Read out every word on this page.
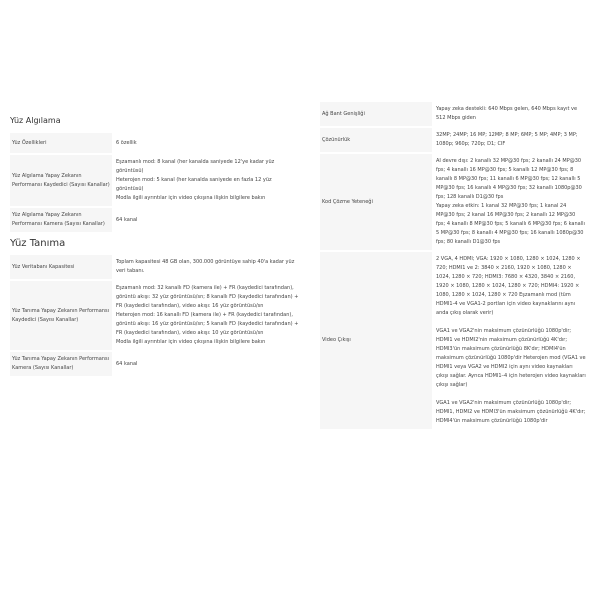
Yüz Algılama
Yüz Özellikleri	6 özellik

Yüz Algılama Yapay Zekanın Performansı Kaydedici (Sayısı Kanallar)

Eşzamanlı mod: 8 kanal (her kanalda saniyede 12'ye kadar yüz görüntüsü)

Heterojen mod: 5 kanal (her kanalda saniyede en fazla 12 yüz görüntüsü)

Modla ilgili ayrıntılar için video çıkışına ilişkin bilgilere bakın

Yüz Algılama Yapay Zekanın Performansı Kamera (Sayısı Kanallar)

64 kanal

Yüz Tanıma
Yüz Veritabanı Kapasitesi

Toplam kapasitesi 48 GB olan, 300.000 görüntüye sahip 40'a kadar yüz veri tabanı.

Yüz Tanıma Yapay Zekanın Performansı Kaydedici (Sayısı Kanallar)

Eşzamanlı mod: 32 kanallı FD (kamera ile) + FR (kaydedici tarafından), görüntü akışı: 32 yüz görüntüsü/sn; 8 kanallı FD (kaydedici tarafından) + FR (kaydedici tarafından), video akışı: 16 yüz görüntüsü/sn

Heterojen mod: 16 kanallı FD (kamera ile) + FR (kaydedici tarafından), görüntü akışı: 16 yüz görüntüsü/sn; 5 kanallı FD (kaydedici tarafından) + FR (kaydedici tarafından), video akışı: 10 yüz görüntüsü/sn

Modla ilgili ayrıntılar için video çıkışına ilişkin bilgilere bakın

Yüz Tanıma Yapay Zekanın Performansı Kamera (Sayısı Kanallar)

64 kanal

Ağ Bant Genişliği

Yapay zeka destekli: 640 Mbps gelen, 640 Mbps kayıt ve 512 Mbps giden

Çözünürlük

32MP; 24MP; 16 MP; 12MP; 8 MP; 6MP; 5 MP; 4MP; 3 MP; 1080p; 960p; 720p; D1; CIF

Kod Çözme Yeteneği

AI devre dışı: 2 kanallı 32 MP@30 fps; 2 kanallı 24 MP@30 fps; 4 kanallı 16 MP@30 fps; 5 kanallı 12 MP@30 fps; 8 kanallı 8 MP@30 fps; 11 kanallı 6 MP@30 fps; 12 kanallı 5 MP@30 fps; 16 kanallı 4 MP@30 fps; 32 kanallı 1080p@30 fps; 128 kanallı D1@30 fps

Yapay zeka etkin: 1 kanal 32 MP@30 fps; 1 kanal 24 MP@30 fps; 2 kanal 16 MP@30 fps; 2 kanallı 12 MP@30 fps; 4 kanallı 8 MP@30 fps; 5 kanallı 6 MP@30 fps; 6 kanallı 5 MP@30 fps; 8 kanallı 4 MP@30 fps; 16 kanallı 1080p@30 fps; 80 kanallı D1@30 fps

Video Çıkışı

2 VGA, 4 HDMI; VGA: 1920 × 1080, 1280 × 1024, 1280 × 720; HDMI1 ve 2: 3840 × 2160, 1920 × 1080, 1280 × 1024, 1280 × 720; HDMI3: 7680 × 4320, 3840 × 2160, 1920 × 1080, 1280 × 1024, 1280 × 720; HDMI4: 1920 × 1080, 1280 × 1024, 1280 × 720 Eşzamanlı mod (tüm HDMI1-4 ve VGA1-2 portları için video kaynaklarını aynı anda çıkış olarak verir)

VGA1 ve VGA2'nin maksimum çözünürlüğü 1080p'dir; HDMI1 ve HDMI2'nin maksimum çözünürlüğü 4K'dır; HDMI3'ün maksimum çözünürlüğü 8K'dır; HDMI4'ün maksimum çözünürlüğü 1080p'dir Heterojen mod (VGA1 ve HDMI1 veya VGA2 ve HDMI2 için aynı video kaynakları çıkışı sağlar. Ayrıca HDMI1–4 için heterojen video kaynakları çıkışı sağlar)

VGA1 ve VGA2'nin maksimum çözünürlüğü 1080p'dir; HDMI1, HDMI2 ve HDMI3'ün maksimum çözünürlüğü 4K'dır; HDMI4'ün maksimum çözünürlüğü 1080p'dir
